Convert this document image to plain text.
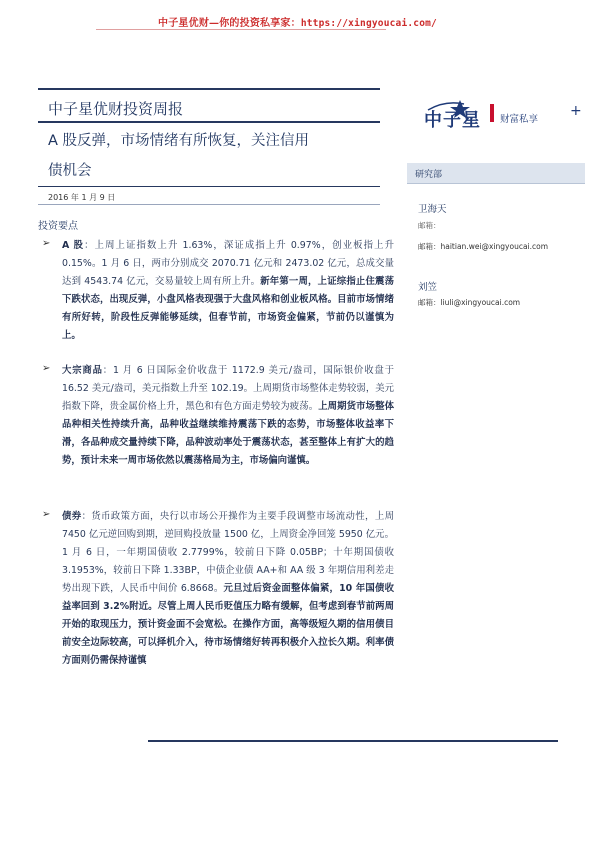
中子星优财—你的投资私享家：https://xingyoucai.com/
中子星优财投资周报
A 股反弹，市场情绪有所恢复，关注信用
债机会
2016 年 1 月 9 日
中子星 财富私享
+
研究部
卫海天
邮箱：
邮箱：haitian.wei@xingyoucai.com
刘笠
邮箱：liuli@xingyoucai.com
投资要点
➢ A 股：上周上证指数上升 1.63%，深证成指上升 0.97%，创业板指上升 0.15%。1 月 6 日，两市分别成交 2070.71 亿元和 2473.02 亿元，总成交量达到 4543.74 亿元，交易量较上周有所上升。新年第一周，上证综指止住震荡下跌状态，出现反弹，小盘风格表现强于大盘风格和创业板风格。目前市场情绪有所好转，阶段性反弹能够延续，但春节前，市场资金偏紧，节前仍以谨慎为上。
➢ 大宗商品：1 月 6 日国际金价收盘于 1172.9 美元/盎司，国际银价收盘于 16.52 美元/盎司，美元指数上升至 102.19。上周期货市场整体走势较弱，美元指数下降，贵金属价格上升，黑色和有色方面走势较为疲荡。上周期货市场整体品种相关性持续升高，品种收益继续维持震荡下跌的态势，市场整体收益率下滑，各品种成交量持续下降，品种波动率处于震荡状态，甚至整体上有扩大的趋势，预计未来一周市场依然以震荡格局为主，市场偏向谨慎。
➢ 债券：货币政策方面，央行以市场公开操作为主要手段调整市场流动性，上周 7450 亿元逆回购到期，逆回购投放量 1500 亿，上周资金净回笼 5950 亿元。1 月 6 日，一年期国债收 2.7799%，较前日下降 0.05BP；十年期国债收 3.1953%，较前日下降 1.33BP，中债企业债 AA+和 AA 级 3 年期信用利差走势出现下跌，人民币中间价 6.8668。元旦过后资金面整体偏紧，10 年国债收益率回到 3.2%附近。尽管上周人民币贬值压力略有缓解，但考虑到春节前两周开始的取现压力，预计资金面不会宽松。在操作方面，高等级短久期的信用债目前安全边际较高，可以择机介入，待市场情绪好转再积极介入拉长久期。利率债方面则仍需保持谨慎
